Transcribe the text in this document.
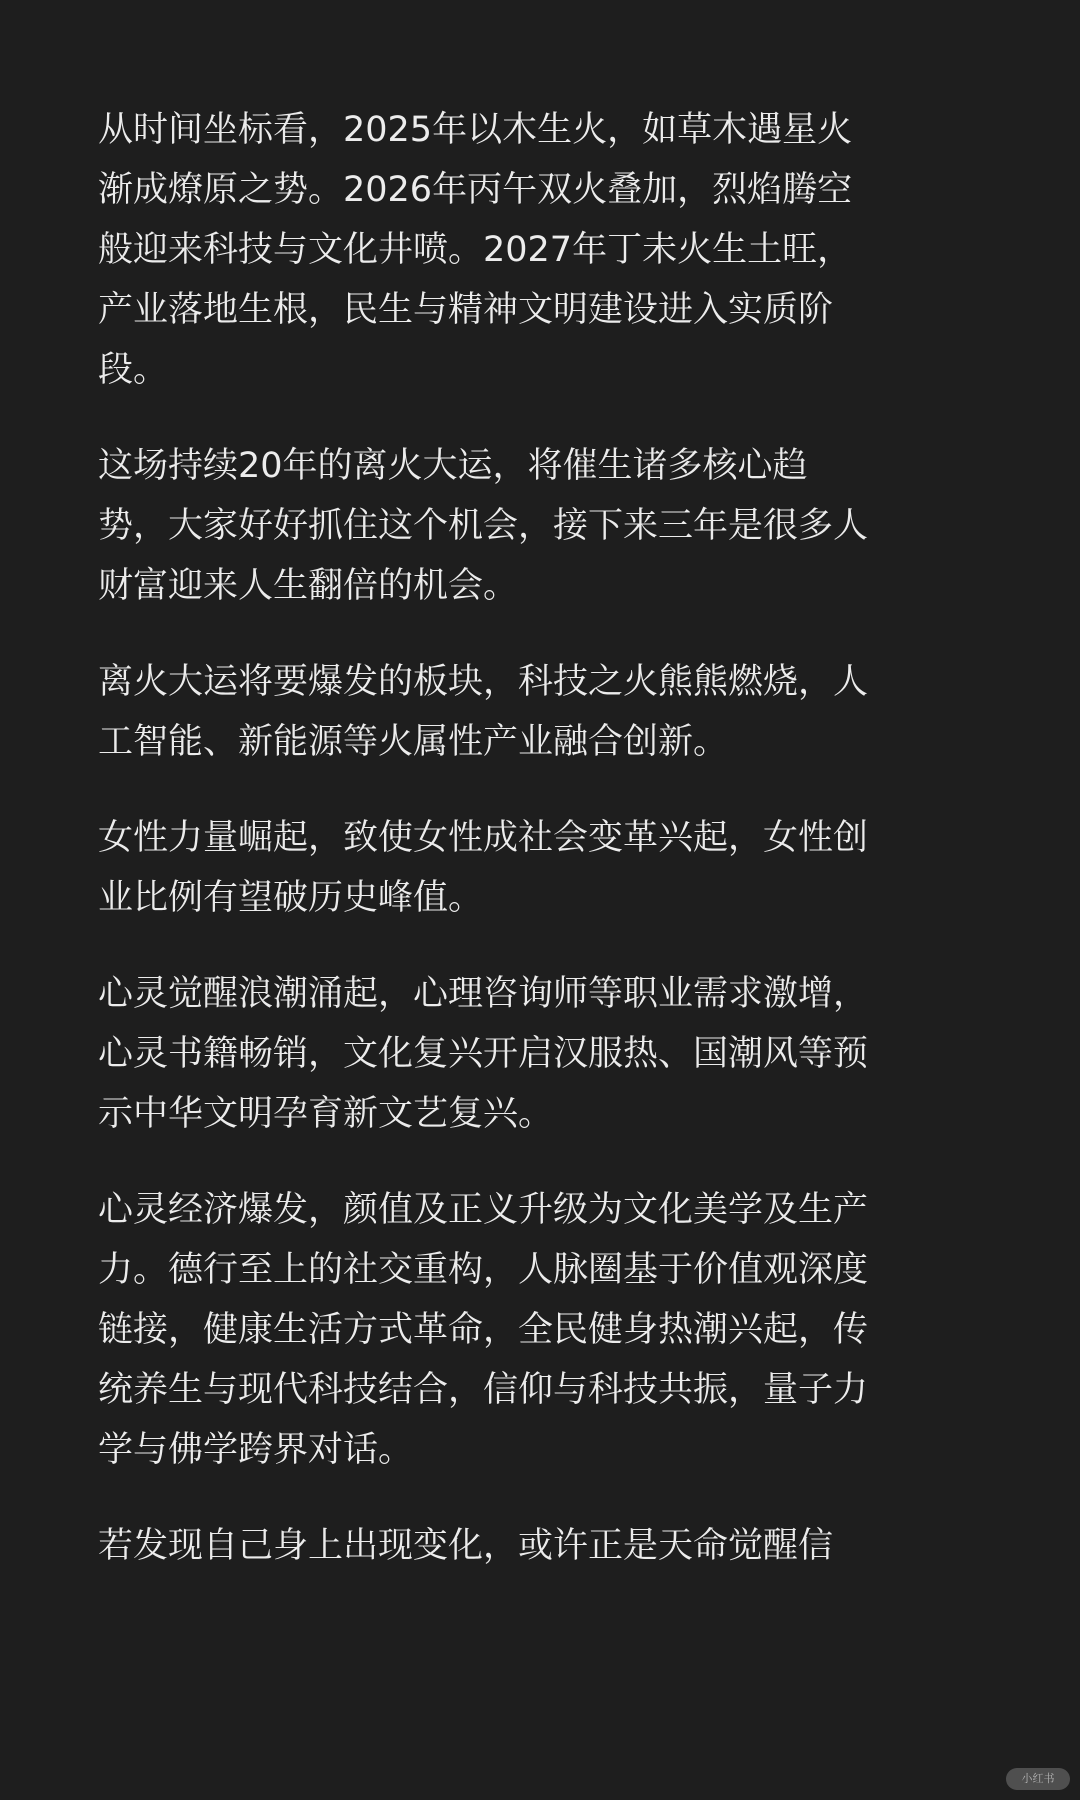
从时间坐标看，2025年以木生火，如草木遇星火
渐成燎原之势。2026年丙午双火叠加，烈焰腾空
般迎来科技与文化井喷。2027年丁未火生土旺，
产业落地生根，民生与精神文明建设进入实质阶
段。
这场持续20年的离火大运，将催生诸多核心趋
势，大家好好抓住这个机会，接下来三年是很多人
财富迎来人生翻倍的机会。
离火大运将要爆发的板块，科技之火熊熊燃烧，人
工智能、新能源等火属性产业融合创新。
女性力量崛起，致使女性成社会变革兴起，女性创
业比例有望破历史峰值。
心灵觉醒浪潮涌起，心理咨询师等职业需求激增，
心灵书籍畅销，文化复兴开启汉服热、国潮风等预
示中华文明孕育新文艺复兴。
心灵经济爆发，颜值及正义升级为文化美学及生产
力。德行至上的社交重构，人脉圈基于价值观深度
链接，健康生活方式革命，全民健身热潮兴起，传
统养生与现代科技结合，信仰与科技共振，量子力
学与佛学跨界对话。
若发现自己身上出现变化，或许正是天命觉醒信
小红书
